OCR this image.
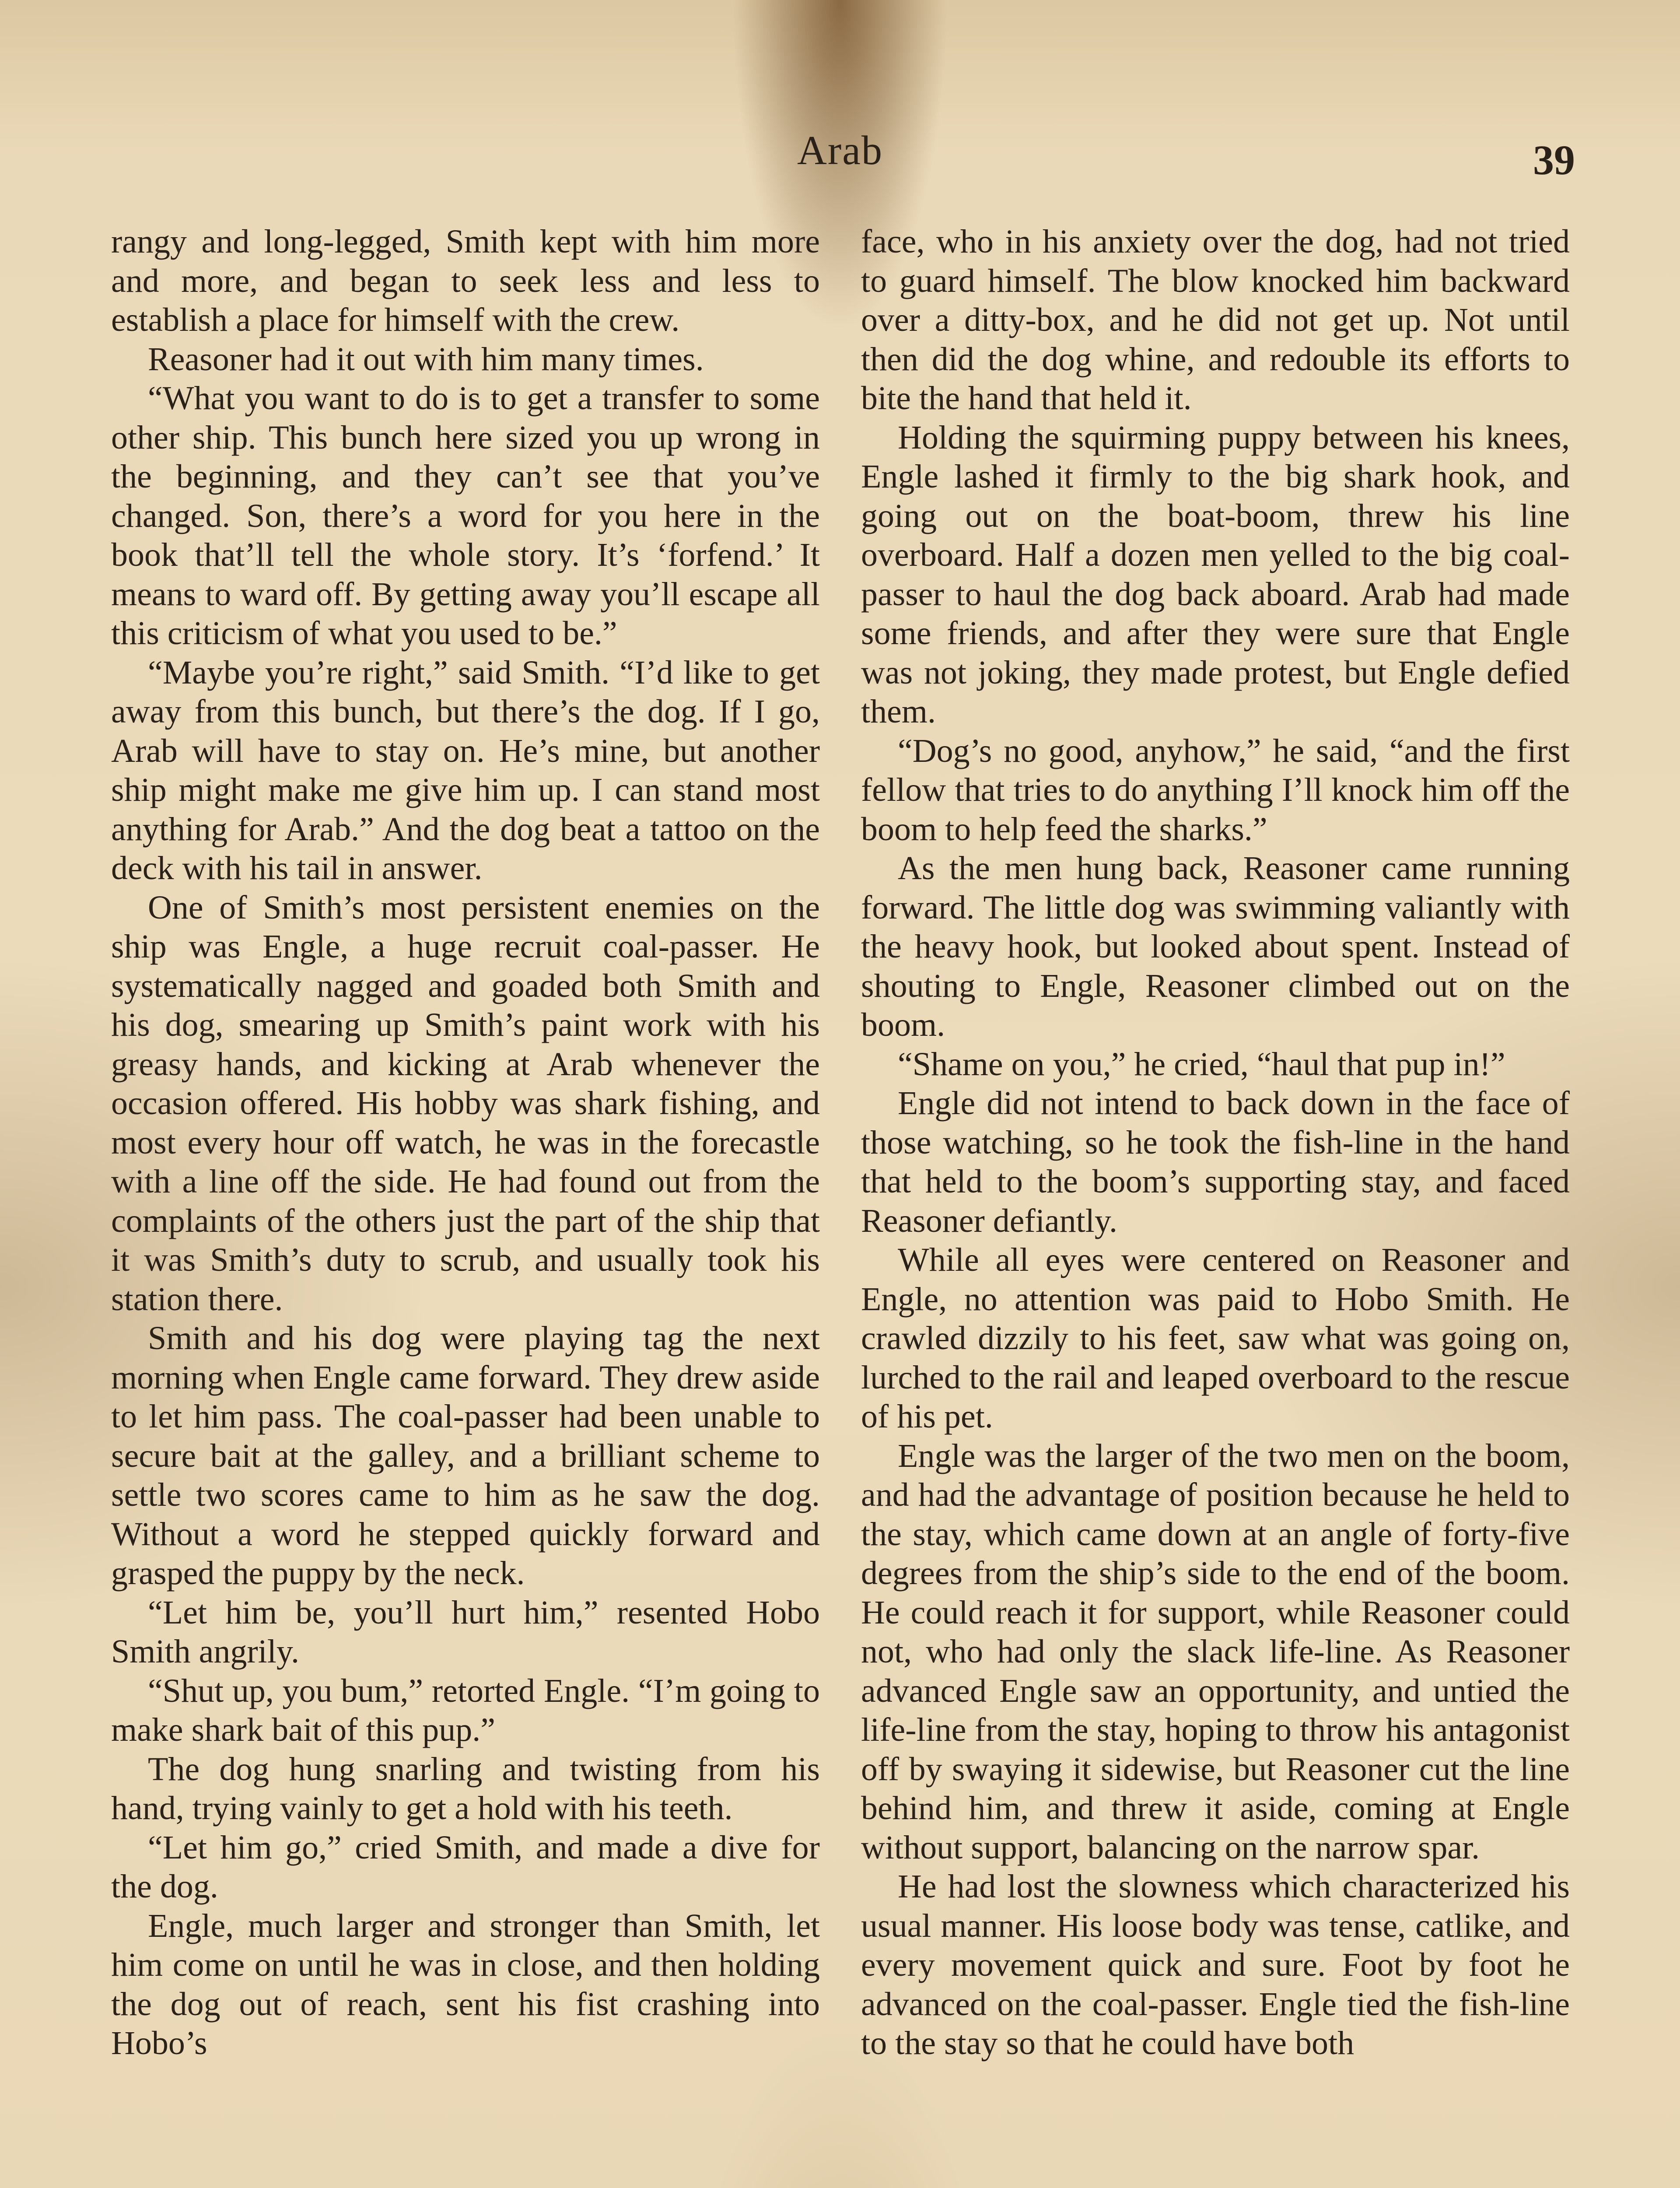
Arab	39

rangy and long-legged, Smith kept with him more and more, and began to seek less and less to establish a place for himself with the crew.

Reasoner had it out with him many times.

“What you want to do is to get a transfer to some other ship. This bunch here sized you up wrong in the beginning, and they can’t see that you’ve changed. Son, there’s a word for you here in the book that’ll tell the whole story. It’s ‘forfend.’ It means to ward off. By getting away you’ll escape all this criticism of what you used to be.”

“Maybe you’re right,” said Smith. “I’d like to get away from this bunch, but there’s the dog. If I go, Arab will have to stay on. He’s mine, but another ship might make me give him up. I can stand most anything for Arab.” And the dog beat a tattoo on the deck with his tail in answer.

One of Smith’s most persistent enemies on the ship was Engle, a huge recruit coal-passer. He systematically nagged and goaded both Smith and his dog, smearing up Smith’s paint work with his greasy hands, and kicking at Arab whenever the occasion offered. His hobby was shark fishing, and most every hour off watch, he was in the forecastle with a line off the side. He had found out from the complaints of the others just the part of the ship that it was Smith’s duty to scrub, and usually took his station there.

Smith and his dog were playing tag the next morning when Engle came forward. They drew aside to let him pass. The coal-passer had been unable to secure bait at the galley, and a brilliant scheme to settle two scores came to him as he saw the dog. Without a word he stepped quickly forward and grasped the puppy by the neck.

“Let him be, you’ll hurt him,” resented Hobo Smith angrily.

“Shut up, you bum,” retorted Engle. “I’m going to make shark bait of this pup.”

The dog hung snarling and twisting from his hand, trying vainly to get a hold with his teeth.

“Let him go,” cried Smith, and made a dive for the dog.

Engle, much larger and stronger than Smith, let him come on until he was in close, and then holding the dog out of reach, sent his fist crashing into Hobo’s

face, who in his anxiety over the dog, had not tried to guard himself. The blow knocked him backward over a ditty-box, and he did not get up. Not until then did the dog whine, and redouble its efforts to bite the hand that held it.

Holding the squirming puppy between his knees, Engle lashed it firmly to the big shark hook, and going out on the boat-boom, threw his line overboard. Half a dozen men yelled to the big coal-passer to haul the dog back aboard. Arab had made some friends, and after they were sure that Engle was not joking, they made protest, but Engle defied them.

“Dog’s no good, anyhow,” he said, “and the first fellow that tries to do anything I’ll knock him off the boom to help feed the sharks.”

As the men hung back, Reasoner came running forward. The little dog was swimming valiantly with the heavy hook, but looked about spent. Instead of shouting to Engle, Reasoner climbed out on the boom.

“Shame on you,” he cried, “haul that pup in!”

Engle did not intend to back down in the face of those watching, so he took the fish-line in the hand that held to the boom’s supporting stay, and faced Reasoner defiantly.

While all eyes were centered on Reasoner and Engle, no attention was paid to Hobo Smith. He crawled dizzily to his feet, saw what was going on, lurched to the rail and leaped overboard to the rescue of his pet.

Engle was the larger of the two men on the boom, and had the advantage of position because he held to the stay, which came down at an angle of forty-five degrees from the ship’s side to the end of the boom. He could reach it for support, while Reasoner could not, who had only the slack life-line. As Reasoner advanced Engle saw an opportunity, and untied the life-line from the stay, hoping to throw his antagonist off by swaying it sidewise, but Reasoner cut the line behind him, and threw it aside, coming at Engle without support, balancing on the narrow spar.

He had lost the slowness which characterized his usual manner. His loose body was tense, catlike, and every movement quick and sure. Foot by foot he advanced on the coal-passer. Engle tied the fish-line to the stay so that he could have both
